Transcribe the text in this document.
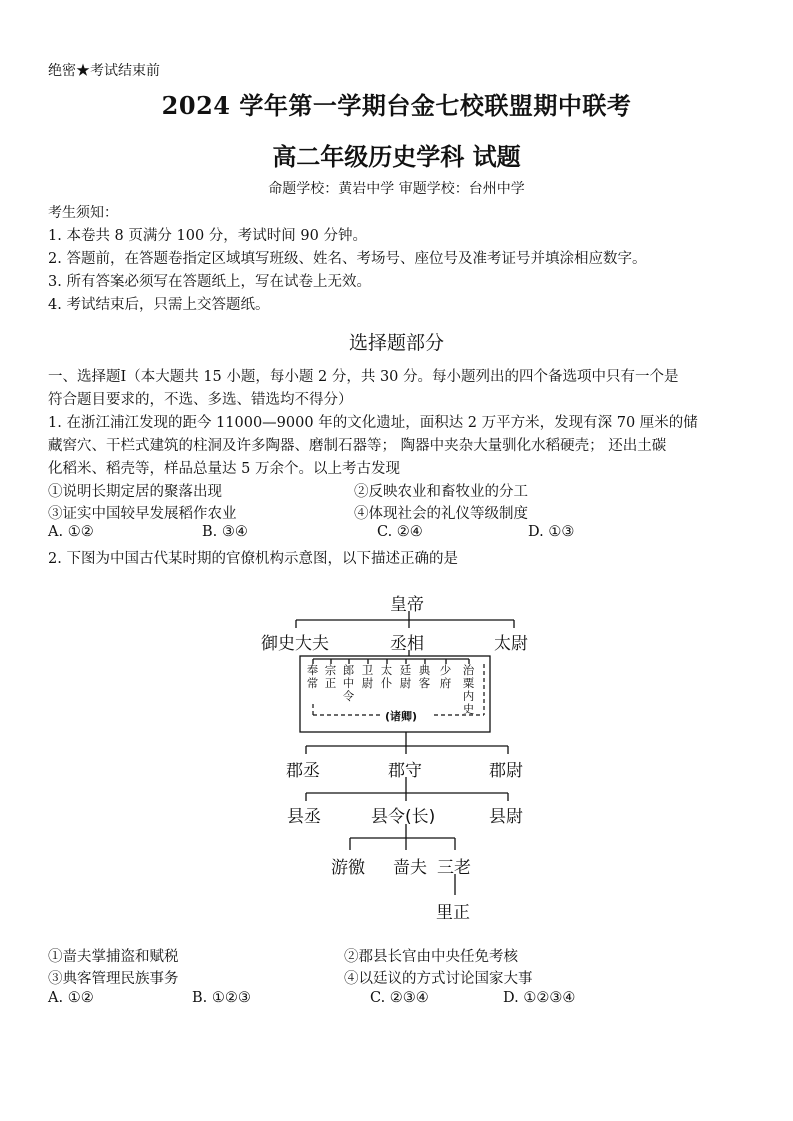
绝密★考试结束前
2024 学年第一学期台金七校联盟期中联考
高二年级历史学科 试题
命题学校：黄岩中学 审题学校：台州中学
考生须知：
1. 本卷共 8 页满分 100 分，考试时间 90 分钟。
2. 答题前，在答题卷指定区域填写班级、姓名、考场号、座位号及准考证号并填涂相应数字。
3. 所有答案必须写在答题纸上，写在试卷上无效。
4. 考试结束后，只需上交答题纸。
选择题部分
一、选择题Ⅰ（本大题共 15 小题，每小题 2 分，共 30 分。每小题列出的四个备选项中只有一个是
符合题目要求的，不选、多选、错选均不得分）
1. 在浙江浦江发现的距今 11000—9000 年的文化遗址，面积达 2 万平方米，发现有深 70 厘米的储
藏窖穴、干栏式建筑的柱洞及许多陶器、磨制石器等； 陶器中夹杂大量驯化水稻硬壳； 还出土碳
化稻米、稻壳等，样品总量达 5 万余个。以上考古发现
①说明长期定居的聚落出现	②反映农业和畜牧业的分工
③证实中国较早发展稻作农业	④体现社会的礼仪等级制度
A. ①②	B. ③④	C. ②④	D. ①③
2. 下图为中国古代某时期的官僚机构示意图，以下描述正确的是
皇帝
御史大夫	丞相	太尉
奉常
宗正
郎中令
卫尉
太仆
廷尉
典客
少府
治粟内史
(诸卿)
郡丞	郡守	郡尉
县丞	县令(长)	县尉
游徼 啬夫 三老
里正
①啬夫掌捕盗和赋税	②郡县长官由中央任免考核
③典客管理民族事务	④以廷议的方式讨论国家大事
A. ①②	B. ①②③	C. ②③④	D. ①②③④
